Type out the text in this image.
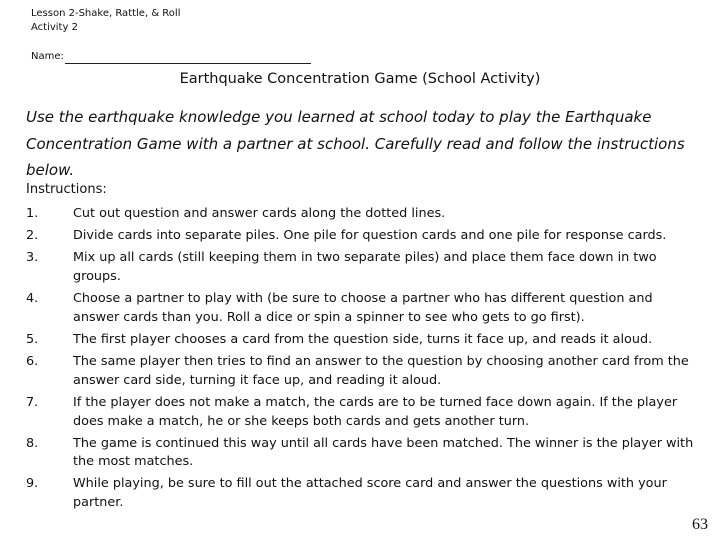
Lesson 2-Shake, Rattle, & Roll
Activity 2
Name:
Earthquake Concentration Game (School Activity)
Use the earthquake knowledge you learned at school today to play the Earthquake Concentration Game with a partner at school. Carefully read and follow the instructions below.
Instructions:
1.	Cut out question and answer cards along the dotted lines.
2.	Divide cards into separate piles. One pile for question cards and one pile for response cards.
3.	Mix up all cards (still keeping them in two separate piles) and place them face down in two groups.
4.	Choose a partner to play with (be sure to choose a partner who has different question and answer cards than you. Roll a dice or spin a spinner to see who gets to go first).
5.	The first player chooses a card from the question side, turns it face up, and reads it aloud.
6.	The same player then tries to find an answer to the question by choosing another card from the answer card side, turning it face up, and reading it aloud.
7.	If the player does not make a match, the cards are to be turned face down again. If the player does make a match, he or she keeps both cards and gets another turn.
8.	The game is continued this way until all cards have been matched. The winner is the player with the most matches.
9.	While playing, be sure to fill out the attached score card and answer the questions with your partner.
63
